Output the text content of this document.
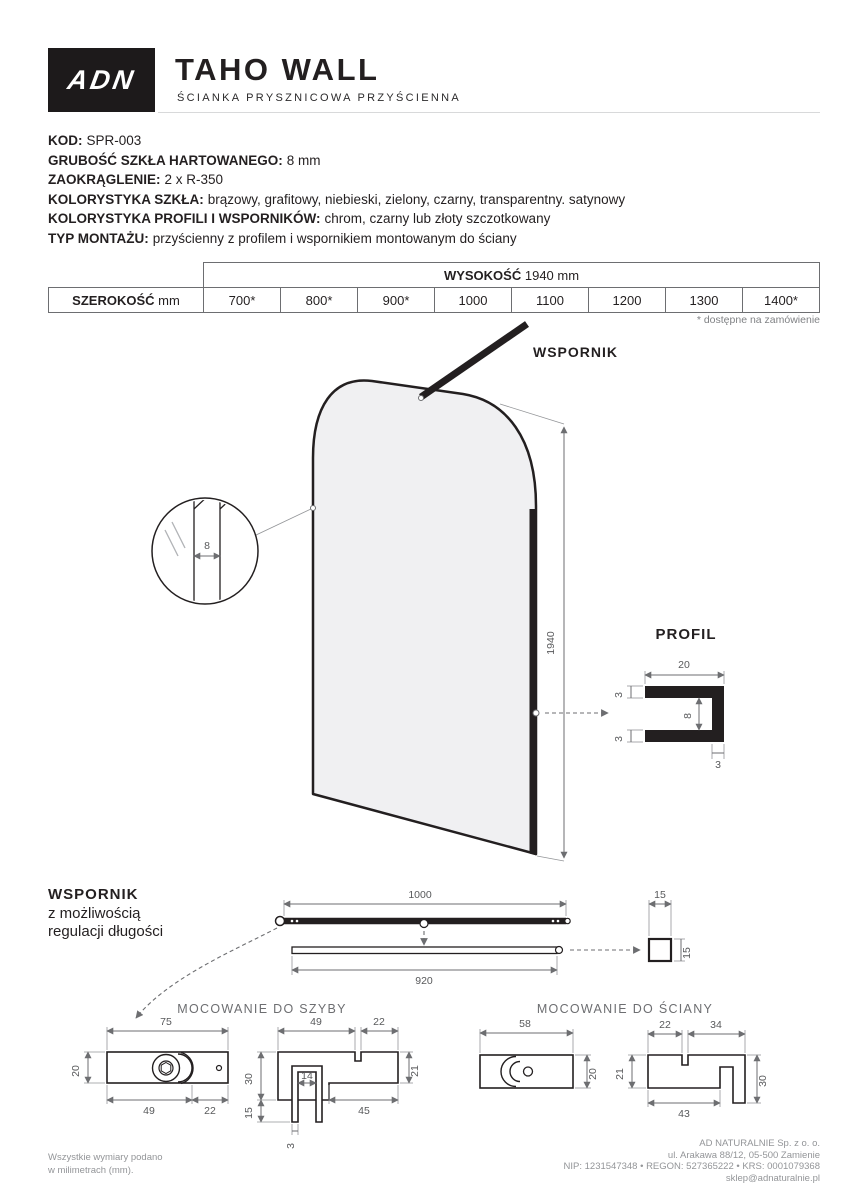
ADN TAHO WALL
ŚCIANKA PRYSZNICOWA PRZYŚCIENNA
KOD: SPR-003
GRUBOŚĆ SZKŁA HARTOWANEGO: 8 mm
ZAOKRĄGLENIE: 2 x R-350
KOLORYSTYKA SZKŁA: brązowy, grafitowy, niebieski, zielony, czarny, transparentny. satynowy
KOLORYSTYKA PROFILI I WSPORNIKÓW: chrom, czarny lub złoty szczotkowany
TYP MONTAŻU: przyścienny z profilem i wspornikiem montowanym do ściany
	WYSOKOŚĆ 1940 mm							
SZEROKOŚĆ mm	700*	800*	900*	1000	1100	1200	1300	1400*
* dostępne na zamówienie
WSPORNIK
z możliwością
regulacji długości
Wszystkie wymiary podano
w milimetrach (mm).
AD NATURALNIE Sp. z o. o.
ul. Arakawa 88/12, 05-500 Zamienie
NIP: 1231547348 • REGON: 527365222 • KRS: 0001079368
sklep@adnaturalnie.pl
WSPORNIK
1940
8
PROFIL
20
3
8
3
3
1000
920
15
15
MOCOWANIE DO SZYBY
75
20
49	22
49	22
30
15
14	21
45
3
MOCOWANIE DO ŚCIANY
58
20
22	34
21
30
43
